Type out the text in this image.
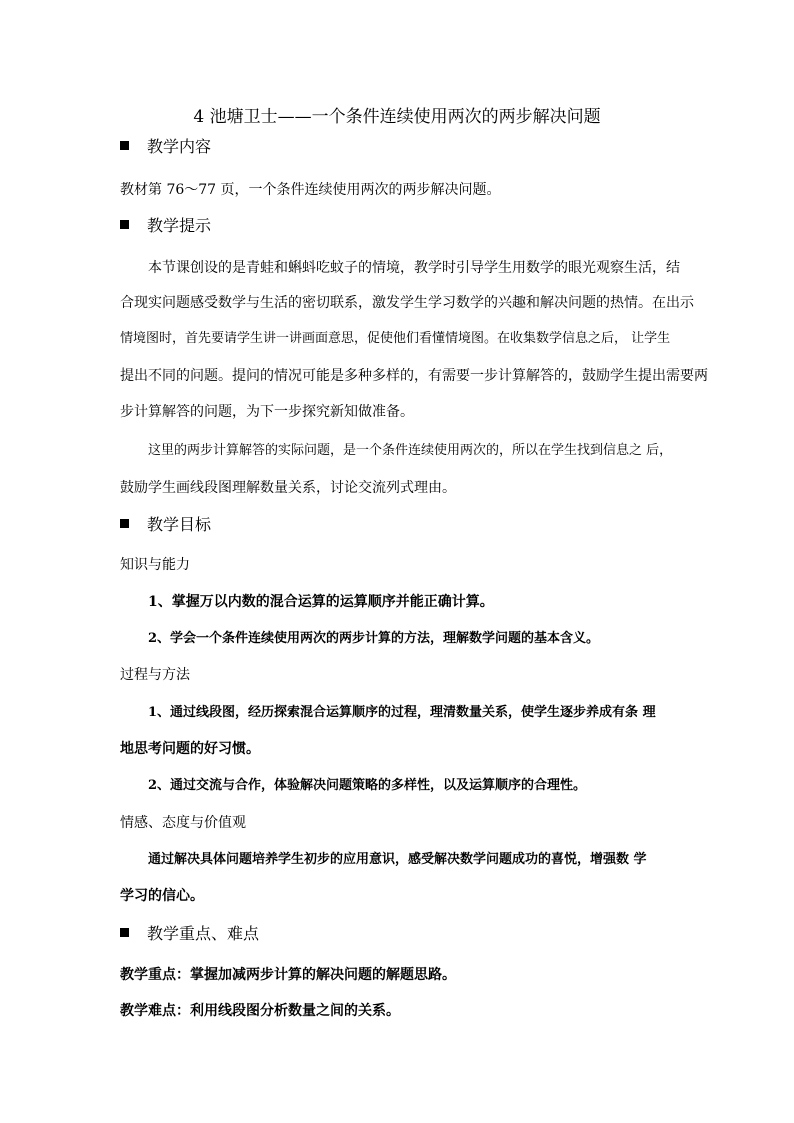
4 池塘卫士——一个条件连续使用两次的两步解决问题
教学内容
教材第 76～77 页，一个条件连续使用两次的两步解决问题。
教学提示
本节课创设的是青蛙和蝌蚪吃蚊子的情境，教学时引导学生用数学的眼光观察生活，结
合现实问题感受数学与生活的密切联系，激发学生学习数学的兴趣和解决问题的热情。在出示
情境图时，首先要请学生讲一讲画面意思，促使他们看懂情境图。在收集数学信息之后， 让学生
提出不同的问题。提问的情况可能是多种多样的，有需要一步计算解答的，鼓励学生提出需要两
步计算解答的问题，为下一步探究新知做准备。
这里的两步计算解答的实际问题，是一个条件连续使用两次的，所以在学生找到信息之 后，
鼓励学生画线段图理解数量关系，讨论交流列式理由。
教学目标
知识与能力
1、掌握万以内数的混合运算的运算顺序并能正确计算。
2、学会一个条件连续使用两次的两步计算的方法，理解数学问题的基本含义。
过程与方法
1、通过线段图，经历探索混合运算顺序的过程，理清数量关系，使学生逐步养成有条 理
地思考问题的好习惯。
2、通过交流与合作，体验解决问题策略的多样性，以及运算顺序的合理性。
情感、态度与价值观
通过解决具体问题培养学生初步的应用意识，感受解决数学问题成功的喜悦，增强数 学
学习的信心。
教学重点、难点
教学重点：掌握加减两步计算的解决问题的解题思路。
教学难点：利用线段图分析数量之间的关系。
